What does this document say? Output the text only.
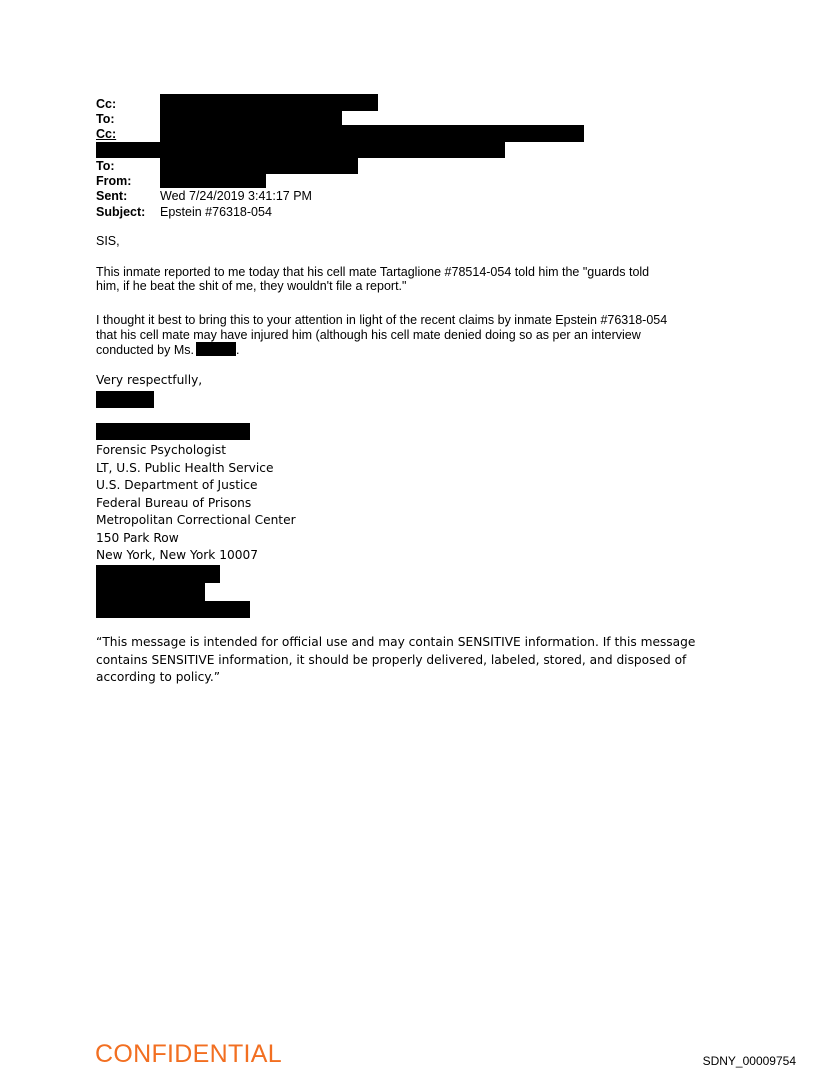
Cc:
To:
Cc:
To:
From:
Sent:	Wed 7/24/2019 3:41:17 PM
Subject: Epstein #76318-054
SIS,
This inmate reported to me today that his cell mate Tartaglione #78514-054 told him the "guards told
him, if he beat the shit of me, they wouldn't file a report."
I thought it best to bring this to your attention in light of the recent claims by inmate Epstein #76318-054
that his cell mate may have injured him (although his cell mate denied doing so as per an interview
conducted by Ms.	.
Very respectfully,
Forensic Psychologist
LT, U.S. Public Health Service
U.S. Department of Justice
Federal Bureau of Prisons
Metropolitan Correctional Center
150 Park Row
New York, New York 10007
“This message is intended for official use and may contain SENSITIVE information. If this message
contains SENSITIVE information, it should be properly delivered, labeled, stored, and disposed of
according to policy.”
CONFIDENTIAL	SDNY_00009754
